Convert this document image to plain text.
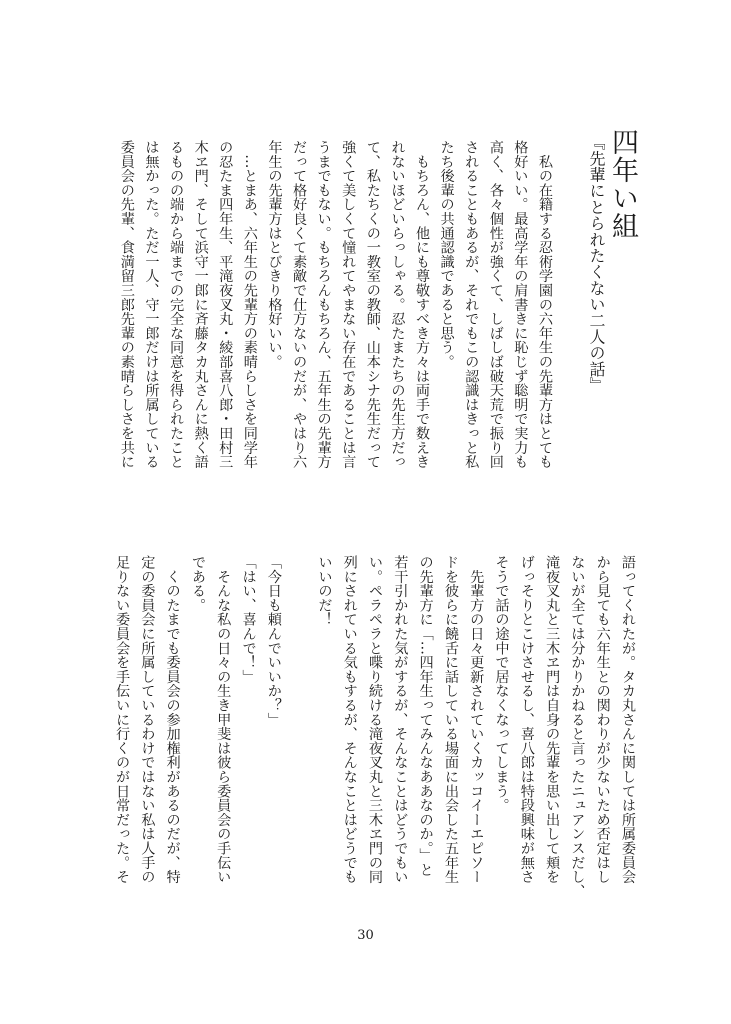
四年い組
『先輩にとられたくない二人の話』
　私の在籍する忍術学園の六年生の先輩方はとても
格好いい。最高学年の肩書きに恥じず聡明で実力も
高く、各々個性が強くて、しばしば破天荒で振り回
されることもあるが、それでもこの認識はきっと私
たち後輩の共通認識であると思う。
　もちろん、他にも尊敬すべき方々は両手で数えき
れないほどいらっしゃる。忍たまたちの先生方だっ
て、私たちくの一教室の教師、山本シナ先生だって
強くて美しくて憧れてやまない存在であることは言
うまでもない。もちろんもちろん、五年生の先輩方
だって格好良くて素敵で仕方ないのだが、やはり六
年生の先輩方はとびきり格好いい。
　…とまあ、六年生の先輩方の素晴らしさを同学年
の忍たま四年生、平滝夜叉丸・綾部喜八郎・田村三
木ヱ門、そして浜守一郎に斉藤タカ丸さんに熱く語
るものの端から端までの完全な同意を得られたこと
は無かった。ただ一人、守一郎だけは所属している
委員会の先輩、食満留三郎先輩の素晴らしさを共に
語ってくれたが。タカ丸さんに関しては所属委員会
から見ても六年生との関わりが少ないため否定はし
ないが全ては分かりかねると言ったニュアンスだし、
滝夜叉丸と三木ヱ門は自身の先輩を思い出して頬を
げっそりとこけさせるし、喜八郎は特段興味が無さ
そうで話の途中で居なくなってしまう。
　先輩方の日々更新されていくカッコイーエピソー
ドを彼らに饒舌に話している場面に出会した五年生
の先輩方に「…四年生ってみんなああなのか。」と
若干引かれた気がするが、そんなことはどうでもい
い。ペラペラと喋り続ける滝夜叉丸と三木ヱ門の同
列にされている気もするが、そんなことはどうでも
いいのだ！

「今日も頼んでいいか？」
「はい、喜んで！」
　そんな私の日々の生き甲斐は彼ら委員会の手伝い
である。
　くのたまでも委員会の参加権利があるのだが、特
定の委員会に所属しているわけではない私は人手の
足りない委員会を手伝いに行くのが日常だった。そ
30
